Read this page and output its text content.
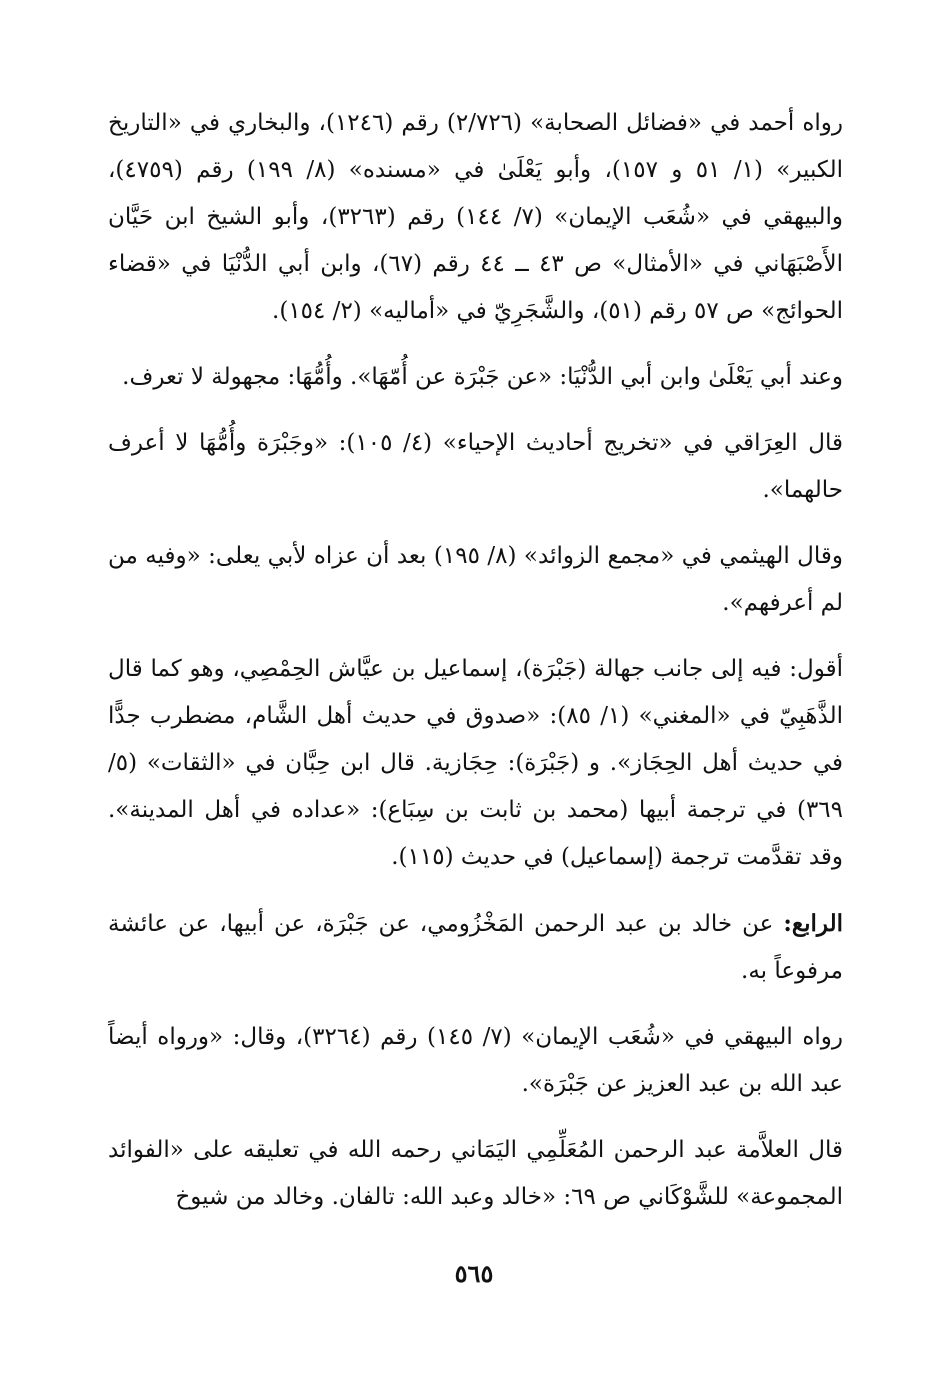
رواه أحمد في «فضائل الصحابة» (٢/٧٢٦) رقم (١٢٤٦)، والبخاري في «التاريخ الكبير» (١/ ٥١ و ١٥٧)، وأبو يَعْلَىٰ في «مسنده» (٨/ ١٩٩) رقم (٤٧٥٩)، والبيهقي في «شُعَب الإيمان» (٧/ ١٤٤) رقم (٣٢٦٣)، وأبو الشيخ ابن حَيَّان الأَصْبَهَاني في «الأمثال» ص ٤٣ ــ ٤٤ رقم (٦٧)، وابن أبي الدُّنْيَا في «قضاء الحوائج» ص ٥٧ رقم (٥١)، والشَّجَرِيّ في «أماليه» (٢/ ١٥٤).

وعند أبي يَعْلَىٰ وابن أبي الدُّنْيَا: «عن جَبْرَة عن أُمّهَا». وأُمُّهَا: مجهولة لا تعرف.

قال العِرَاقي في «تخريج أحاديث الإحياء» (٤/ ١٠٥): «وجَبْرَة وأُمُّهَا لا أعرف حالهما».

وقال الهيثمي في «مجمع الزوائد» (٨/ ١٩٥) بعد أن عزاه لأبي يعلى: «وفيه من لم أعرفهم».

أقول: فيه إلى جانب جهالة (جَبْرَة)، إسماعيل بن عيَّاش الحِمْصِي، وهو كما قال الذَّهَبِيّ في «المغني» (١/ ٨٥): «صدوق في حديث أهل الشَّام، مضطرب جدًّا في حديث أهل الحِجَاز». و (جَبْرَة): حِجَازية. قال ابن حِبَّان في «الثقات» (٥/ ٣٦٩) في ترجمة أبيها (محمد بن ثابت بن سِبَاع): «عداده في أهل المدينة». وقد تقدَّمت ترجمة (إسماعيل) في حديث (١١٥).

الرابع: عن خالد بن عبد الرحمن المَخْزُومي، عن جَبْرَة، عن أبيها، عن عائشة مرفوعاً به.

رواه البيهقي في «شُعَب الإيمان» (٧/ ١٤٥) رقم (٣٢٦٤)، وقال: «ورواه أيضاً عبد الله بن عبد العزيز عن جَبْرَة».

قال العلاَّمة عبد الرحمن المُعَلِّمِي اليَمَاني رحمه الله في تعليقه على «الفوائد المجموعة» للشَّوْكَاني ص ٦٩: «خالد وعبد الله: تالفان. وخالد من شيوخ

٥٦٥
